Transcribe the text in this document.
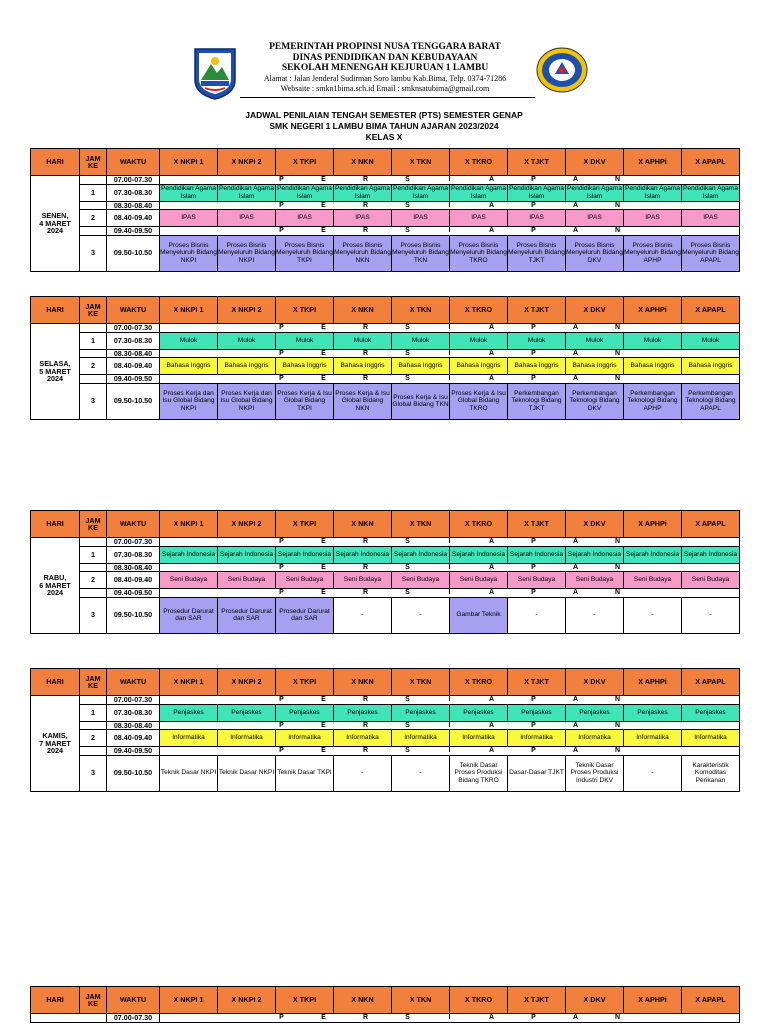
PEMERINTAH PROPINSI NUSA TENGGARA BARAT
DINAS PENDIDIKAN DAN KEBUDAYAAN
SEKOLAH MENENGAH KEJURUAN 1 LAMBU
Alamat : Jalan Jenderal Sudirman Soro lambu Kab.Bima, Telp. 0374-71286
Websaite : smkn1bima.sch.id Email : smknsatubima@gmail.com
JADWAL PENILAIAN TENGAH SEMESTER (PTS) SEMESTER GENAP
SMK NEGERI 1 LAMBU BIMA TAHUN AJARAN 2023/2024
KELAS X
HARI	JAM KE	WAKTU	X NKPI 1	X NKPI 2	X TKPI	X NKN	X TKN	X TKRO	X TJKT	X DKV	X APHPi	X APAPL
SENEN,
4 MARET
2024		07.00-07.30	P E R S I A P A N									
	1	07.30-08.30	Pendidikan Agama Islam	Pendidikan Agama Islam	Pendidikan Agama Islam	Pendidikan Agama Islam	Pendidikan Agama Islam	Pendidikan Agama Islam	Pendidikan Agama Islam	Pendidikan Agama Islam	Pendidikan Agama Islam	Pendidikan Agama Islam
		08.30-08.40	P E R S I A P A N									
	2	08.40-09.40	IPAS	IPAS	IPAS	IPAS	IPAS	IPAS	IPAS	IPAS	IPAS	IPAS
		09.40-09.50	P E R S I A P A N									
	3	09.50-10.50	Proses Bisnis Menyeluruh Bidang NKPI	Proses Bisnis Menyeluruh Bidang NKPI	Proses Bisnis Menyeluruh Bidang TKPI	Proses Bisnis Menyeluruh Bidang NKN	Proses Bisnis Menyeluruh Bidang TKN	Proses Bisnis Menyeluruh Bidang TKRO	Proses Bisnis Menyeluruh Bidang TJKT	Proses Bisnis Menyeluruh Bidang DKV	Proses Bisnis Menyeluruh Bidang APHP	Proses Bisnis Menyeluruh Bidang APAPL
HARI	JAM KE	WAKTU	X NKPI 1	X NKPI 2	X TKPI	X NKN	X TKN	X TKRO	X TJKT	X DKV	X APHPi	X APAPL
SELASA,
5 MARET
2024		07.00-07.30	P E R S I A P A N									
	1	07.30-08.30	Mulok	Mulok	Mulok	Mulok	Mulok	Mulok	Mulok	Mulok	Mulok	Mulok
		08.30-08.40	P E R S I A P A N									
	2	08.40-09.40	Bahasa Inggris	Bahasa Inggris	Bahasa Inggris	Bahasa Inggris	Bahasa Inggris	Bahasa Inggris	Bahasa Inggris	Bahasa Inggris	Bahasa Inggris	Bahasa Inggris
		09.40-09.50	P E R S I A P A N									
	3	09.50-10.50	Proses Kerja dan Isu Global Bidang NKPI	Proses Kerja dan Isu Global Bidang NKPI	Proses Kerja & Isu Global Bidang TKPI	Proses Kerja & Isu Global Bidang NKN	Proses Kerja & Isu Global Bidang TKN	Proses Kerja & Isu Global Bidang TKRO	Perkembangan Teknologi Bidang TJKT	Perkembangan Teknologi Bidang DKV	Perkembangan Teknologi Bidang APHP	Perkembangan Teknologi Bidang APAPL
HARI	JAM KE	WAKTU	X NKPI 1	X NKPI 2	X TKPI	X NKN	X TKN	X TKRO	X TJKT	X DKV	X APHPi	X APAPL
RABU,
6 MARET
2024		07.00-07.30	P E R S I A P A N									
	1	07.30-08.30	Sejarah Indonesia	Sejarah Indonesia	Sejarah Indonesia	Sejarah Indonesia	Sejarah Indonesia	Sejarah Indonesia	Sejarah Indonesia	Sejarah Indonesia	Sejarah Indonesia	Sejarah Indonesia
		08.30-08.40	P E R S I A P A N									
	2	08.40-09.40	Seni Budaya	Seni Budaya	Seni Budaya	Seni Budaya	Seni Budaya	Seni Budaya	Seni Budaya	Seni Budaya	Seni Budaya	Seni Budaya
		09.40-09.50	P E R S I A P A N									
	3	09.50-10.50	Prosedur Darurat dan SAR	Prosedur Darurat dan SAR	Prosedur Darurat dan SAR	-	-	Gambar Teknik	-	-	-	-
HARI	JAM KE	WAKTU	X NKPI 1	X NKPI 2	X TKPI	X NKN	X TKN	X TKRO	X TJKT	X DKV	X APHPi	X APAPL
KAMIS,
7 MARET
2024		07.00-07.30	P E R S I A P A N									
	1	07.30-08.30	Penjaskes	Penjaskes	Penjaskes	Penjaskes	Penjaskes	Penjaskes	Penjaskes	Penjaskes	Penjaskes	Penjaskes
		08.30-08.40	P E R S I A P A N									
	2	08.40-09.40	Informatika	Informatika	Informatika	Informatika	Informatika	Informatika	Informatika	Informatika	Informatika	Informatika
		09.40-09.50	P E R S I A P A N									
	3	09.50-10.50	Teknik Dasar NKPI	Teknik Dasar NKPI	Teknik Dasar TKPI	-	-	Teknik Dasar Proses Produksi Bidang TKRO	Dasar-Dasar TJKT	Teknik Dasar Proses Produksi Industri DKV	-	Karakteristik Komoditas Perikanan
HARI	JAM KE	WAKTU	X NKPI 1	X NKPI 2	X TKPI	X NKN	X TKN	X TKRO	X TJKT	X DKV	X APHPi	X APAPL
		07.00-07.30	P E R S I A P A N									
